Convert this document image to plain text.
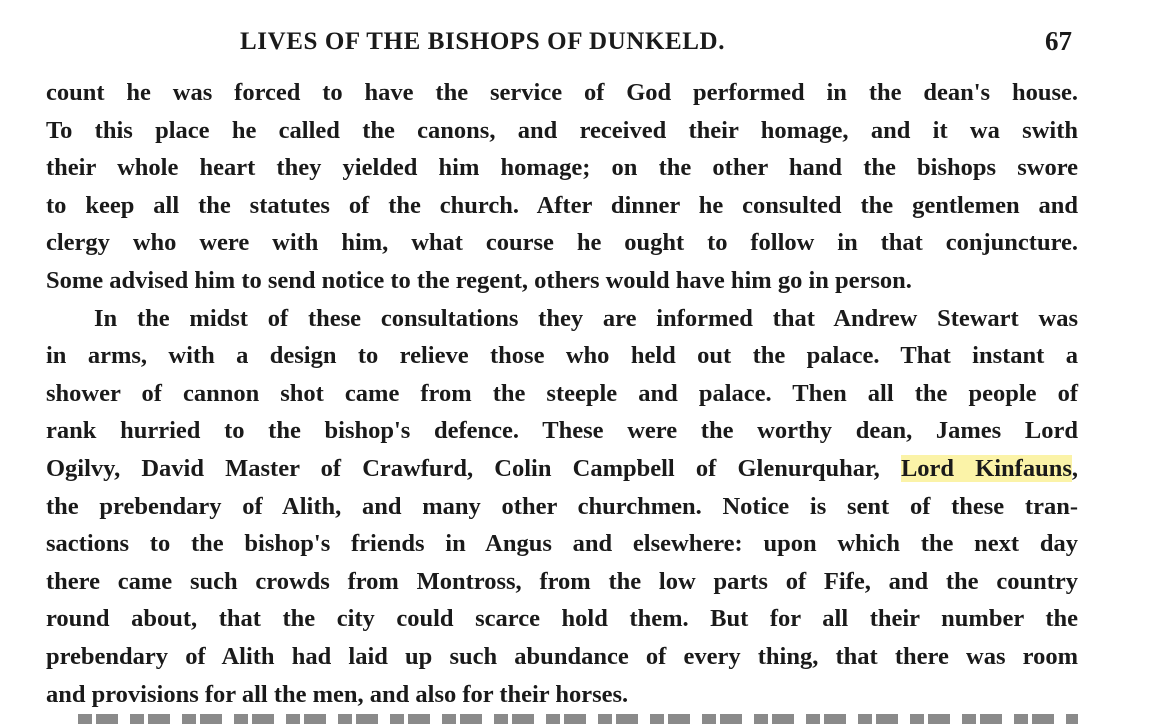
LIVES OF THE BISHOPS OF DUNKELD.	67
count he was forced to have the service of God performed in the dean's house.
To this place he called the canons, and received their homage, and it wa swith
their whole heart they yielded him homage; on the other hand the bishops swore
to keep all the statutes of the church. After dinner he consulted the gentlemen and
clergy who were with him, what course he ought to follow in that conjuncture.
Some advised him to send notice to the regent, others would have him go in person.
In the midst of these consultations they are informed that Andrew Stewart was
in arms, with a design to relieve those who held out the palace. That instant a
shower of cannon shot came from the steeple and palace. Then all the people of
rank hurried to the bishop's defence. These were the worthy dean, James Lord
Ogilvy, David Master of Crawfurd, Colin Campbell of Glenurquhar, Lord Kinfauns,
the prebendary of Alith, and many other churchmen. Notice is sent of these tran-
sactions to the bishop's friends in Angus and elsewhere: upon which the next day
there came such crowds from Montross, from the low parts of Fife, and the country
round about, that the city could scarce hold them. But for all their number the
prebendary of Alith had laid up such abundance of every thing, that there was room
and provisions for all the men, and also for their horses.
